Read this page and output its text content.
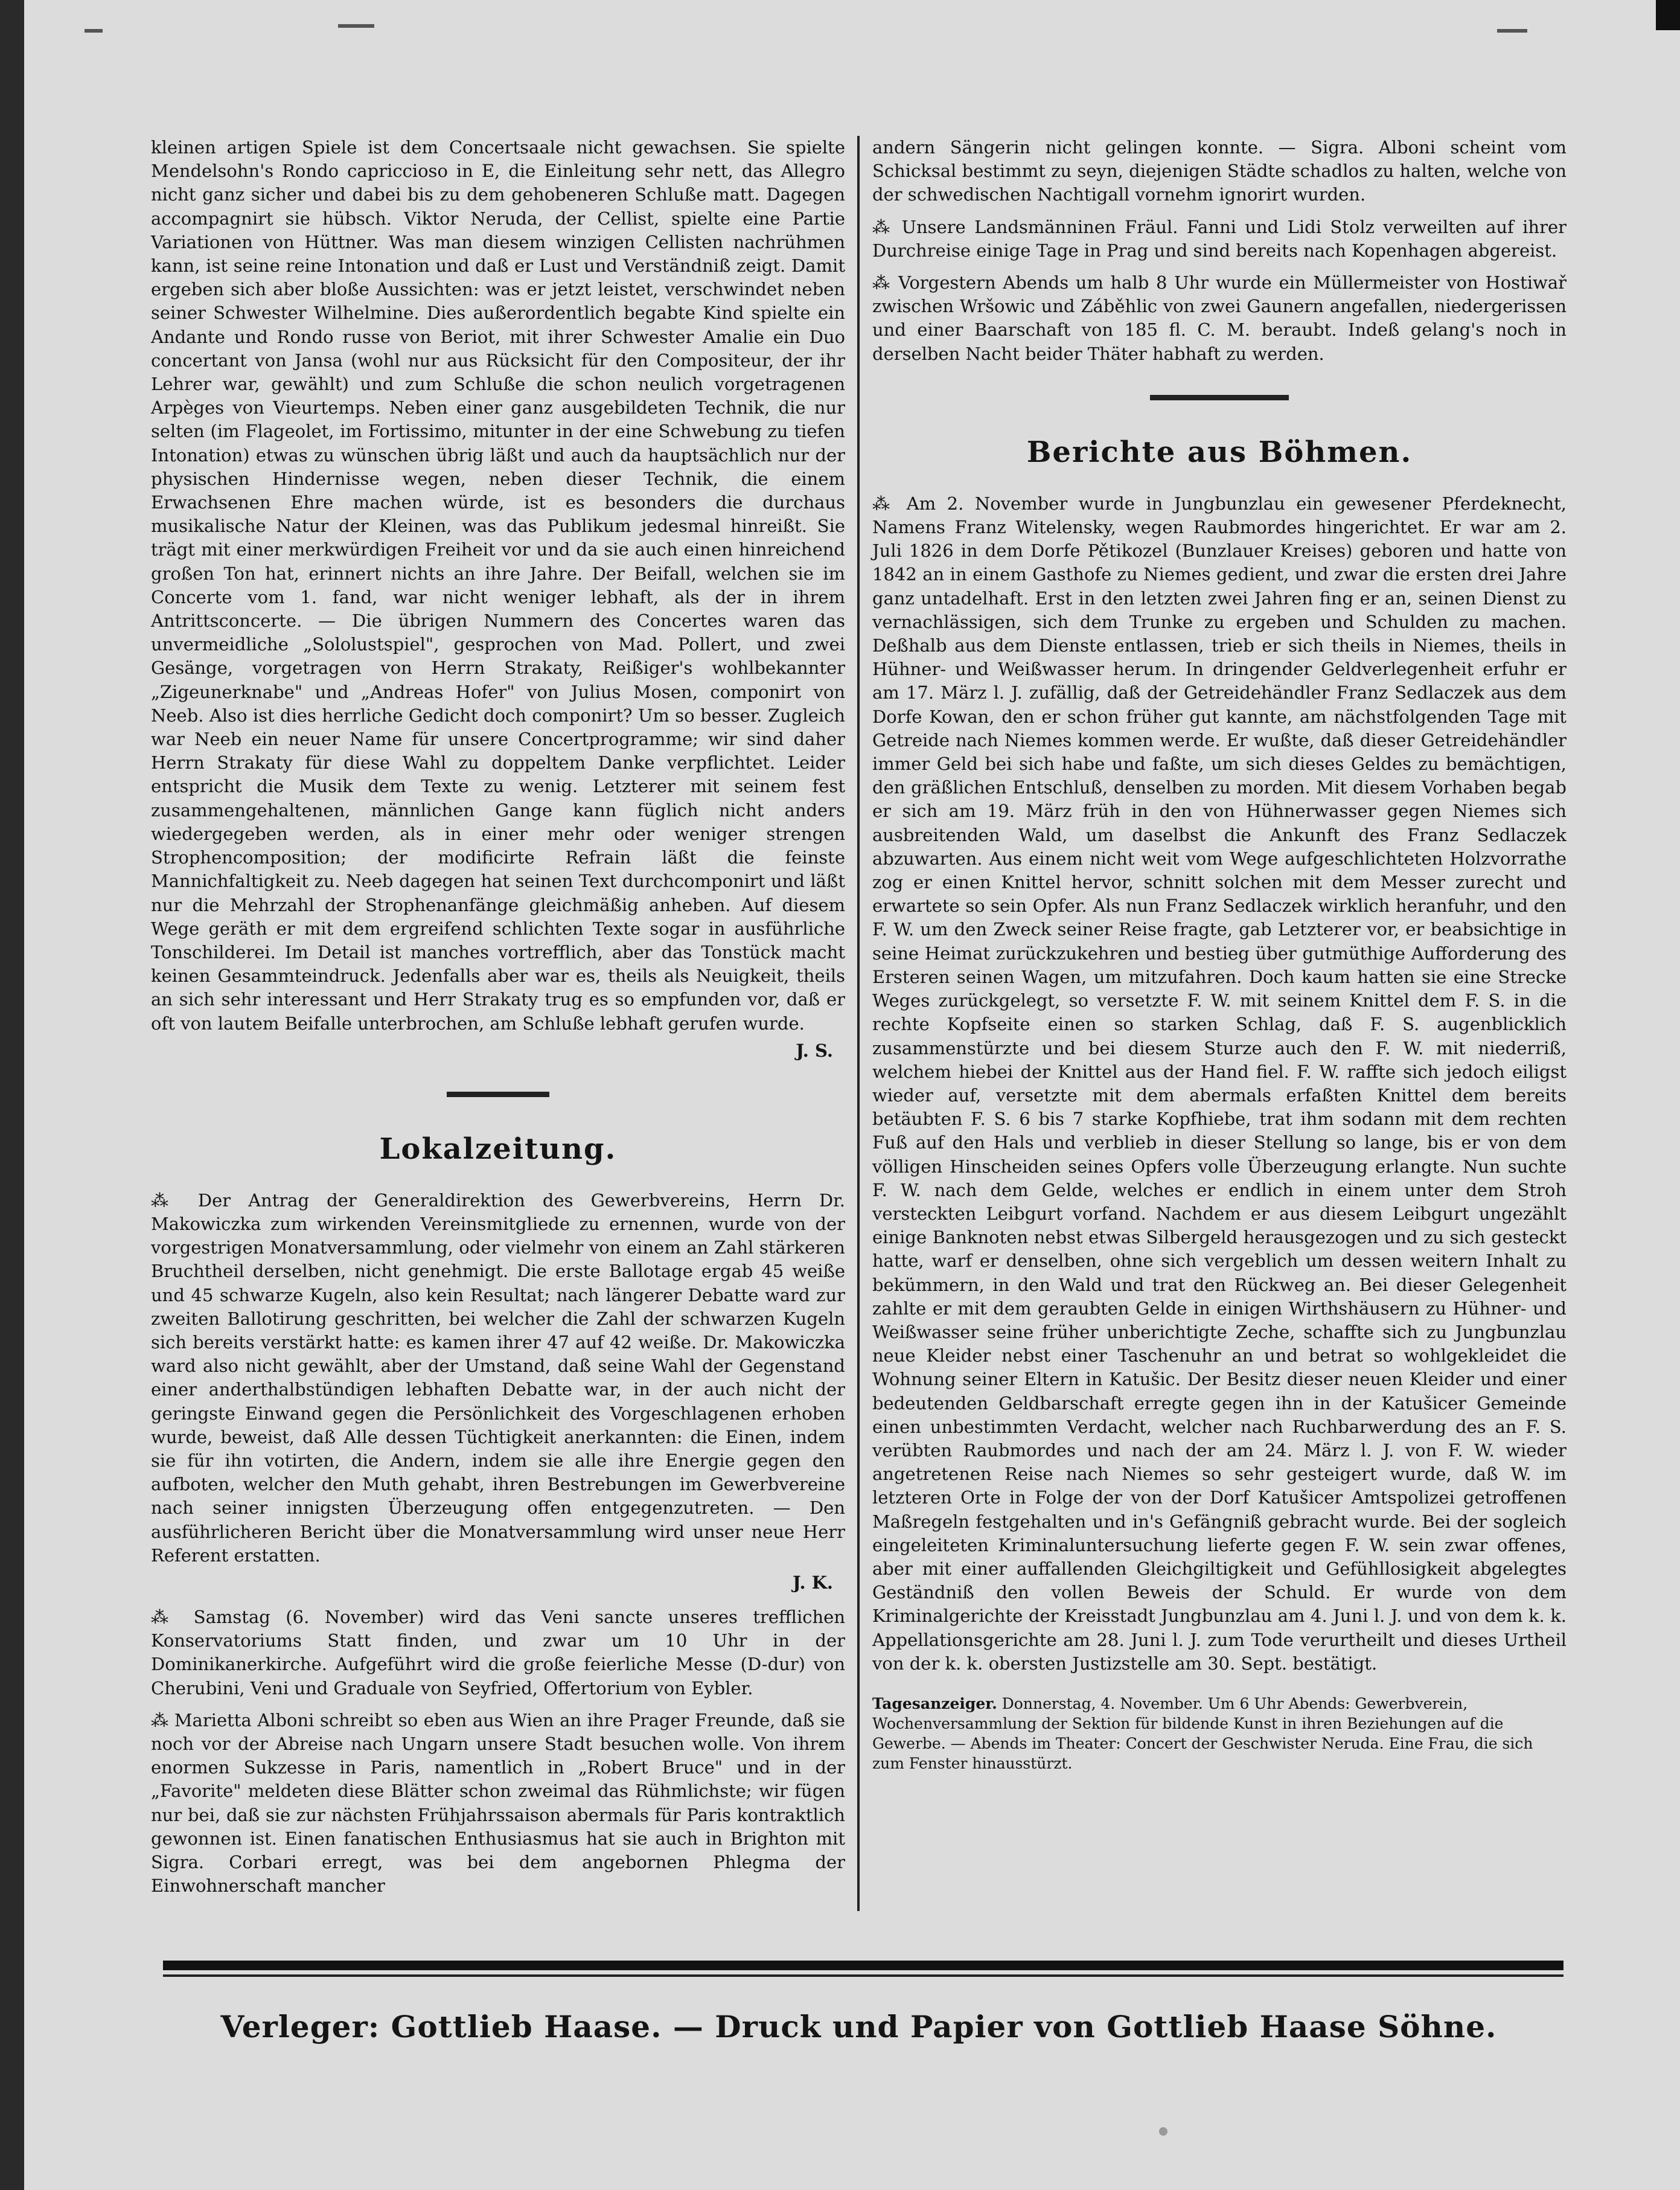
kleinen artigen Spiele ist dem Concertsaale nicht gewachsen. Sie spielte Mendelsohn's Rondo capriccioso in E, die Einleitung sehr nett, das Allegro nicht ganz sicher und dabei bis zu dem gehobeneren Schluße matt. Dagegen accompagnirt sie hübsch. Viktor Neruda, der Cellist, spielte eine Partie Variationen von Hüttner. Was man diesem winzigen Cellisten nachrühmen kann, ist seine reine Intonation und daß er Lust und Verständniß zeigt. Damit ergeben sich aber bloße Aussichten: was er jetzt leistet, verschwindet neben seiner Schwester Wilhelmine. Dies außerordentlich begabte Kind spielte ein Andante und Rondo russe von Beriot, mit ihrer Schwester Amalie ein Duo concertant von Jansa (wohl nur aus Rücksicht für den Compositeur, der ihr Lehrer war, gewählt) und zum Schluße die schon neulich vorgetragenen Arpèges von Vieurtemps. Neben einer ganz ausgebildeten Technik, die nur selten (im Flageolet, im Fortissimo, mitunter in der eine Schwebung zu tiefen Intonation) etwas zu wünschen übrig läßt und auch da hauptsächlich nur der physischen Hindernisse wegen, neben dieser Technik, die einem Erwachsenen Ehre machen würde, ist es besonders die durchaus musikalische Natur der Kleinen, was das Publikum jedesmal hinreißt. Sie trägt mit einer merkwürdigen Freiheit vor und da sie auch einen hinreichend großen Ton hat, erinnert nichts an ihre Jahre. Der Beifall, welchen sie im Concerte vom 1. fand, war nicht weniger lebhaft, als der in ihrem Antrittsconcerte. — Die übrigen Nummern des Concertes waren das unvermeidliche „Sololustspiel", gesprochen von Mad. Pollert, und zwei Gesänge, vorgetragen von Herrn Strakaty, Reißiger's wohlbekannter „Zigeunerknabe" und „Andreas Hofer" von Julius Mosen, componirt von Neeb. Also ist dies herrliche Gedicht doch componirt? Um so besser. Zugleich war Neeb ein neuer Name für unsere Concertprogramme; wir sind daher Herrn Strakaty für diese Wahl zu doppeltem Danke verpflichtet. Leider entspricht die Musik dem Texte zu wenig. Letzterer mit seinem fest zusammengehaltenen, männlichen Gange kann füglich nicht anders wiedergegeben werden, als in einer mehr oder weniger strengen Strophencomposition; der modificirte Refrain läßt die feinste Mannichfaltigkeit zu. Neeb dagegen hat seinen Text durchcomponirt und läßt nur die Mehrzahl der Strophenanfänge gleichmäßig anheben. Auf diesem Wege geräth er mit dem ergreifend schlichten Texte sogar in ausführliche Tonschilderei. Im Detail ist manches vortrefflich, aber das Tonstück macht keinen Gesammteindruck. Jedenfalls aber war es, theils als Neuigkeit, theils an sich sehr interessant und Herr Strakaty trug es so empfunden vor, daß er oft von lautem Beifalle unterbrochen, am Schluße lebhaft gerufen wurde.

J. S.

Lokalzeitung.

⁂ Der Antrag der Generaldirektion des Gewerbvereins, Herrn Dr. Makowiczka zum wirkenden Vereinsmitgliede zu ernennen, wurde von der vorgestrigen Monatversammlung, oder vielmehr von einem an Zahl stärkeren Bruchtheil derselben, nicht genehmigt. Die erste Ballotage ergab 45 weiße und 45 schwarze Kugeln, also kein Resultat; nach längerer Debatte ward zur zweiten Ballotirung geschritten, bei welcher die Zahl der schwarzen Kugeln sich bereits verstärkt hatte: es kamen ihrer 47 auf 42 weiße. Dr. Makowiczka ward also nicht gewählt, aber der Umstand, daß seine Wahl der Gegenstand einer anderthalbstündigen lebhaften Debatte war, in der auch nicht der geringste Einwand gegen die Persönlichkeit des Vorgeschlagenen erhoben wurde, beweist, daß Alle dessen Tüchtigkeit anerkannten: die Einen, indem sie für ihn votirten, die Andern, indem sie alle ihre Energie gegen den aufboten, welcher den Muth gehabt, ihren Bestrebungen im Gewerbvereine nach seiner innigsten Überzeugung offen entgegenzutreten. — Den ausführlicheren Bericht über die Monatversammlung wird unser neue Herr Referent erstatten.

J. K.

⁂ Samstag (6. November) wird das Veni sancte unseres trefflichen Konservatoriums Statt finden, und zwar um 10 Uhr in der Dominikanerkirche. Aufgeführt wird die große feierliche Messe (D-dur) von Cherubini, Veni und Graduale von Seyfried, Offertorium von Eybler.

⁂ Marietta Alboni schreibt so eben aus Wien an ihre Prager Freunde, daß sie noch vor der Abreise nach Ungarn unsere Stadt besuchen wolle. Von ihrem enormen Sukzesse in Paris, namentlich in „Robert Bruce" und in der „Favorite" meldeten diese Blätter schon zweimal das Rühmlichste; wir fügen nur bei, daß sie zur nächsten Frühjahrssaison abermals für Paris kontraktlich gewonnen ist. Einen fanatischen Enthusiasmus hat sie auch in Brighton mit Sigra. Corbari erregt, was bei dem angebornen Phlegma der Einwohnerschaft mancher

andern Sängerin nicht gelingen konnte. — Sigra. Alboni scheint vom Schicksal bestimmt zu seyn, diejenigen Städte schadlos zu halten, welche von der schwedischen Nachtigall vornehm ignorirt wurden.

⁂ Unsere Landsmänninen Fräul. Fanni und Lidi Stolz verweilten auf ihrer Durchreise einige Tage in Prag und sind bereits nach Kopenhagen abgereist.

⁂ Vorgestern Abends um halb 8 Uhr wurde ein Müllermeister von Hostiwař zwischen Wršowic und Záběhlic von zwei Gaunern angefallen, niedergerissen und einer Baarschaft von 185 fl. C. M. beraubt. Indeß gelang's noch in derselben Nacht beider Thäter habhaft zu werden.

Berichte aus Böhmen.

⁂ Am 2. November wurde in Jungbunzlau ein gewesener Pferdeknecht, Namens Franz Witelensky, wegen Raubmordes hingerichtet. Er war am 2. Juli 1826 in dem Dorfe Pětikozel (Bunzlauer Kreises) geboren und hatte von 1842 an in einem Gasthofe zu Niemes gedient, und zwar die ersten drei Jahre ganz untadelhaft. Erst in den letzten zwei Jahren fing er an, seinen Dienst zu vernachlässigen, sich dem Trunke zu ergeben und Schulden zu machen. Deßhalb aus dem Dienste entlassen, trieb er sich theils in Niemes, theils in Hühner- und Weißwasser herum. In dringender Geldverlegenheit erfuhr er am 17. März l. J. zufällig, daß der Getreidehändler Franz Sedlaczek aus dem Dorfe Kowan, den er schon früher gut kannte, am nächstfolgenden Tage mit Getreide nach Niemes kommen werde. Er wußte, daß dieser Getreidehändler immer Geld bei sich habe und faßte, um sich dieses Geldes zu bemächtigen, den gräßlichen Entschluß, denselben zu morden. Mit diesem Vorhaben begab er sich am 19. März früh in den von Hühnerwasser gegen Niemes sich ausbreitenden Wald, um daselbst die Ankunft des Franz Sedlaczek abzuwarten. Aus einem nicht weit vom Wege aufgeschlichteten Holzvorrathe zog er einen Knittel hervor, schnitt solchen mit dem Messer zurecht und erwartete so sein Opfer. Als nun Franz Sedlaczek wirklich heranfuhr, und den F. W. um den Zweck seiner Reise fragte, gab Letzterer vor, er beabsichtige in seine Heimat zurückzukehren und bestieg über gutmüthige Aufforderung des Ersteren seinen Wagen, um mitzufahren. Doch kaum hatten sie eine Strecke Weges zurückgelegt, so versetzte F. W. mit seinem Knittel dem F. S. in die rechte Kopfseite einen so starken Schlag, daß F. S. augenblicklich zusammenstürzte und bei diesem Sturze auch den F. W. mit niederriß, welchem hiebei der Knittel aus der Hand fiel. F. W. raffte sich jedoch eiligst wieder auf, versetzte mit dem abermals erfaßten Knittel dem bereits betäubten F. S. 6 bis 7 starke Kopfhiebe, trat ihm sodann mit dem rechten Fuß auf den Hals und verblieb in dieser Stellung so lange, bis er von dem völligen Hinscheiden seines Opfers volle Überzeugung erlangte. Nun suchte F. W. nach dem Gelde, welches er endlich in einem unter dem Stroh versteckten Leibgurt vorfand. Nachdem er aus diesem Leibgurt ungezählt einige Banknoten nebst etwas Silbergeld herausgezogen und zu sich gesteckt hatte, warf er denselben, ohne sich vergeblich um dessen weitern Inhalt zu bekümmern, in den Wald und trat den Rückweg an. Bei dieser Gelegenheit zahlte er mit dem geraubten Gelde in einigen Wirthshäusern zu Hühner- und Weißwasser seine früher unberichtigte Zeche, schaffte sich zu Jungbunzlau neue Kleider nebst einer Taschenuhr an und betrat so wohlgekleidet die Wohnung seiner Eltern in Katušic. Der Besitz dieser neuen Kleider und einer bedeutenden Geldbarschaft erregte gegen ihn in der Katušicer Gemeinde einen unbestimmten Verdacht, welcher nach Ruchbarwerdung des an F. S. verübten Raubmordes und nach der am 24. März l. J. von F. W. wieder angetretenen Reise nach Niemes so sehr gesteigert wurde, daß W. im letzteren Orte in Folge der von der Dorf Katušicer Amtspolizei getroffenen Maßregeln festgehalten und in's Gefängniß gebracht wurde. Bei der sogleich eingeleiteten Kriminaluntersuchung lieferte gegen F. W. sein zwar offenes, aber mit einer auffallenden Gleichgiltigkeit und Gefühllosigkeit abgelegtes Geständniß den vollen Beweis der Schuld. Er wurde von dem Kriminalgerichte der Kreisstadt Jungbunzlau am 4. Juni l. J. und von dem k. k. Appellationsgerichte am 28. Juni l. J. zum Tode verurtheilt und dieses Urtheil von der k. k. obersten Justizstelle am 30. Sept. bestätigt.

Tagesanzeiger. Donnerstag, 4. November. Um 6 Uhr Abends: Gewerbverein, Wochenversammlung der Sektion für bildende Kunst in ihren Beziehungen auf die Gewerbe. — Abends im Theater: Concert der Geschwister Neruda. Eine Frau, die sich zum Fenster hinausstürzt.
Verleger: Gottlieb Haase. — Druck und Papier von Gottlieb Haase Söhne.
